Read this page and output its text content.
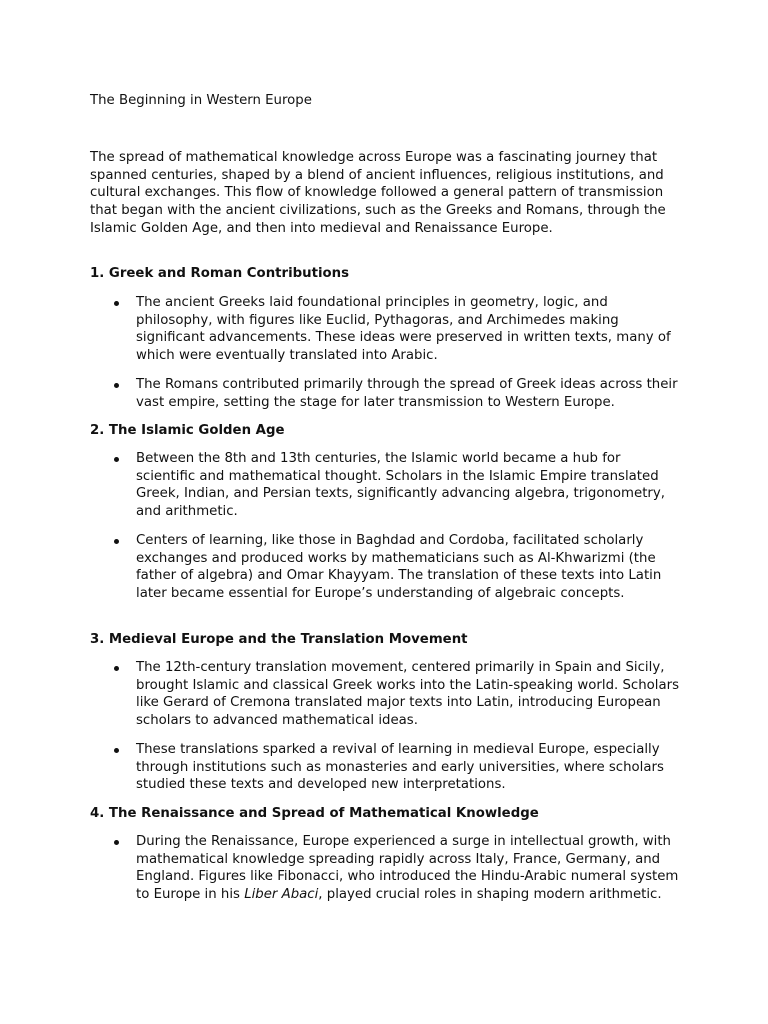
The Beginning in Western Europe

The spread of mathematical knowledge across Europe was a fascinating journey that spanned centuries, shaped by a blend of ancient influences, religious institutions, and cultural exchanges. This flow of knowledge followed a general pattern of transmission that began with the ancient civilizations, such as the Greeks and Romans, through the Islamic Golden Age, and then into medieval and Renaissance Europe.

1. Greek and Roman Contributions

The ancient Greeks laid foundational principles in geometry, logic, and philosophy, with figures like Euclid, Pythagoras, and Archimedes making significant advancements. These ideas were preserved in written texts, many of which were eventually translated into Arabic.

The Romans contributed primarily through the spread of Greek ideas across their vast empire, setting the stage for later transmission to Western Europe.

2. The Islamic Golden Age

Between the 8th and 13th centuries, the Islamic world became a hub for scientific and mathematical thought. Scholars in the Islamic Empire translated Greek, Indian, and Persian texts, significantly advancing algebra, trigonometry, and arithmetic.

Centers of learning, like those in Baghdad and Cordoba, facilitated scholarly exchanges and produced works by mathematicians such as Al-Khwarizmi (the father of algebra) and Omar Khayyam. The translation of these texts into Latin later became essential for Europe’s understanding of algebraic concepts.

3. Medieval Europe and the Translation Movement

The 12th-century translation movement, centered primarily in Spain and Sicily, brought Islamic and classical Greek works into the Latin-speaking world. Scholars like Gerard of Cremona translated major texts into Latin, introducing European scholars to advanced mathematical ideas.

These translations sparked a revival of learning in medieval Europe, especially through institutions such as monasteries and early universities, where scholars studied these texts and developed new interpretations.

4. The Renaissance and Spread of Mathematical Knowledge

During the Renaissance, Europe experienced a surge in intellectual growth, with mathematical knowledge spreading rapidly across Italy, France, Germany, and England. Figures like Fibonacci, who introduced the Hindu-Arabic numeral system to Europe in his Liber Abaci, played crucial roles in shaping modern arithmetic.
